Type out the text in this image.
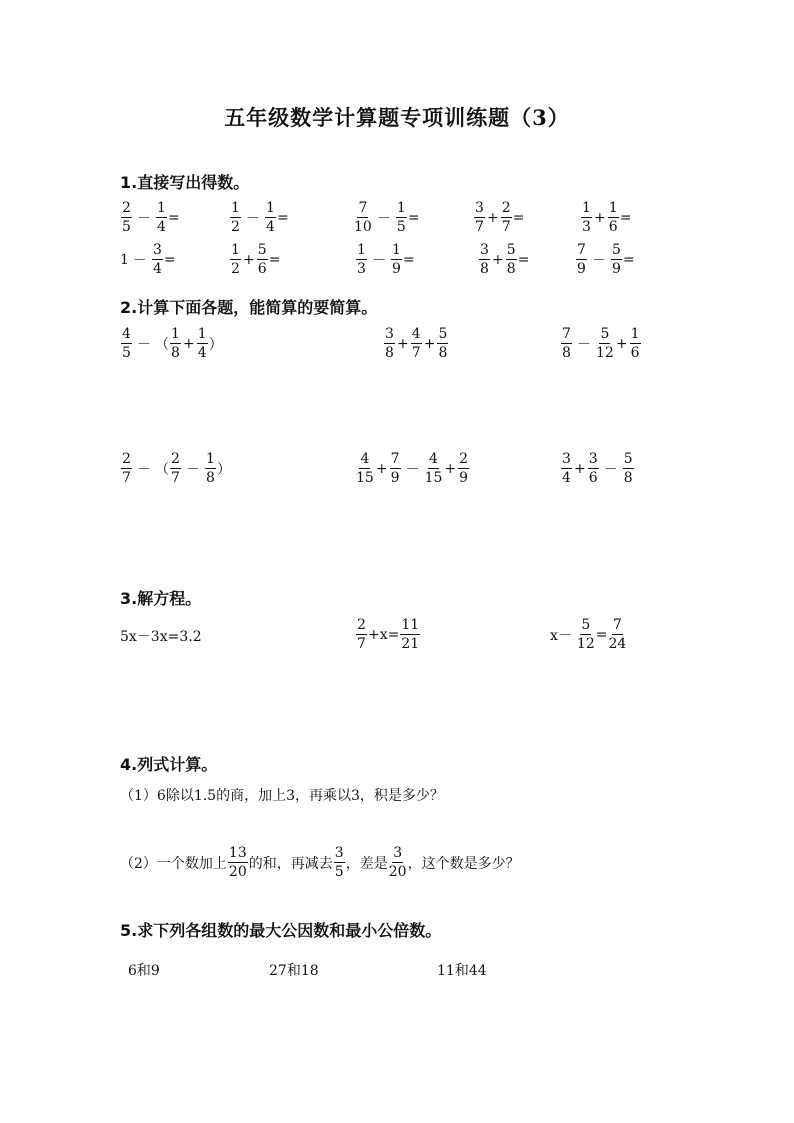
五年级数学计算题专项训练题（3）
1.直接写出得数。
$\frac{2}{5} - \frac{1}{4}$ =	$\frac{1}{2} - \frac{1}{4}$ =	$\frac{7}{10} - \frac{1}{5}$ =	$\frac{3}{7} + \frac{2}{7}$ =	$\frac{1}{3} + \frac{1}{6}$ =
$1 - \frac{3}{4}$ =	$\frac{1}{2} + \frac{5}{6}$ =	$\frac{1}{3} - \frac{1}{9}$ =	$\frac{3}{8} + \frac{5}{8}$ =	$\frac{7}{9} - \frac{5}{9}$ =
2.计算下面各题，能简算的要简算。
$\frac{4}{5}$ － （ $\frac{1}{8} + \frac{1}{4}$ ）	$\frac{3}{8} + \frac{4}{7} + \frac{5}{8}$	$\frac{7}{8} - \frac{5}{12} + \frac{1}{6}$
$\frac{2}{7}$ － （ $\frac{2}{7} - \frac{1}{8}$ ）	$\frac{4}{15} + \frac{7}{9} - \frac{4}{15} + \frac{2}{9}$	$\frac{3}{4} + \frac{3}{6} - \frac{5}{8}$
3.解方程。
5x－3x=3.2	$\frac{2}{7} +x= \frac{11}{21}$	$x- \frac{5}{12} = \frac{7}{24}$
4.列式计算。
（1）6除以1.5的商，加上3，再乘以3，积是多少？
（2）一个数加上 $\frac{13}{20}$ 的和，再减去 $\frac{3}{5}$ ，差是 $\frac{3}{20}$ ，这个数是多少？
5.求下列各组数的最大公因数和最小公倍数。
6和9	27和18	11和44
